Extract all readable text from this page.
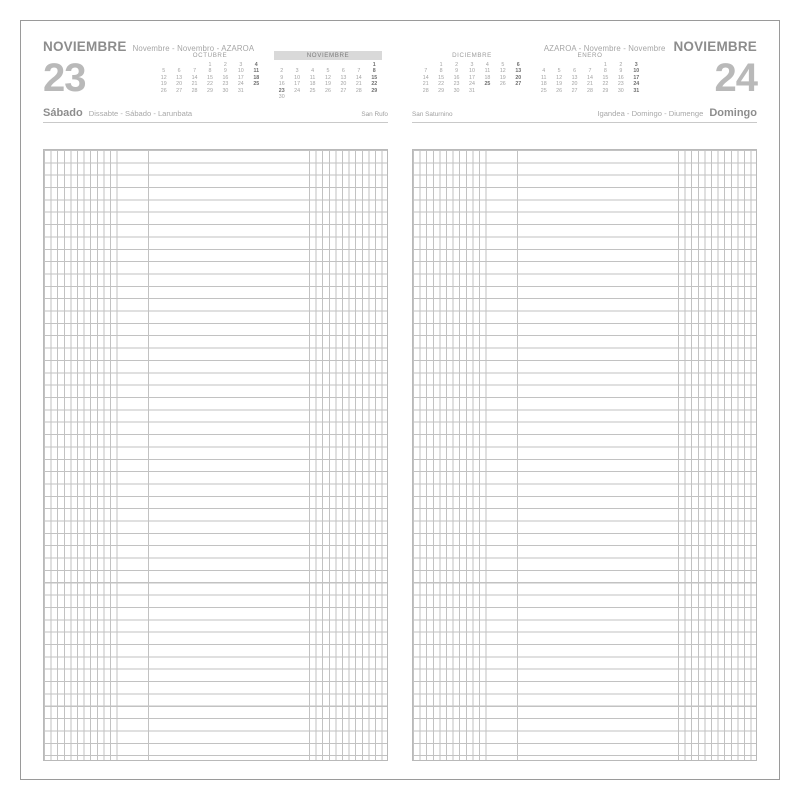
NOVIEMBRE Novembre - Novembro - AZAROA
23
OCTUBRE
			1	2	3	4
5	6	7	8	9	10	11
12	13	14	15	16	17	18
19	20	21	22	23	24	25
26	27	28	29	30	31	
NOVIEMBRE
						1
2	3	4	5	6	7	8
9	10	11	12	13	14	15
16	17	18	19	20	21	22
23	24	25	26	27	28	29
30						
Sábado Dissabte - Sábado - Larunbata	San Rufo
AZAROA - Novembre - Novembre NOVIEMBRE
24
DICIEMBRE
	1	2	3	4	5	6
7	8	9	10	11	12	13
14	15	16	17	18	19	20
21	22	23	24	25	26	27
28	29	30	31			
ENERO
				1	2	3
4	5	6	7	8	9	10
11	12	13	14	15	16	17
18	19	20	21	22	23	24
25	26	27	28	29	30	31
San Saturnino	Igandea - Domingo - Diumenge Domingo
